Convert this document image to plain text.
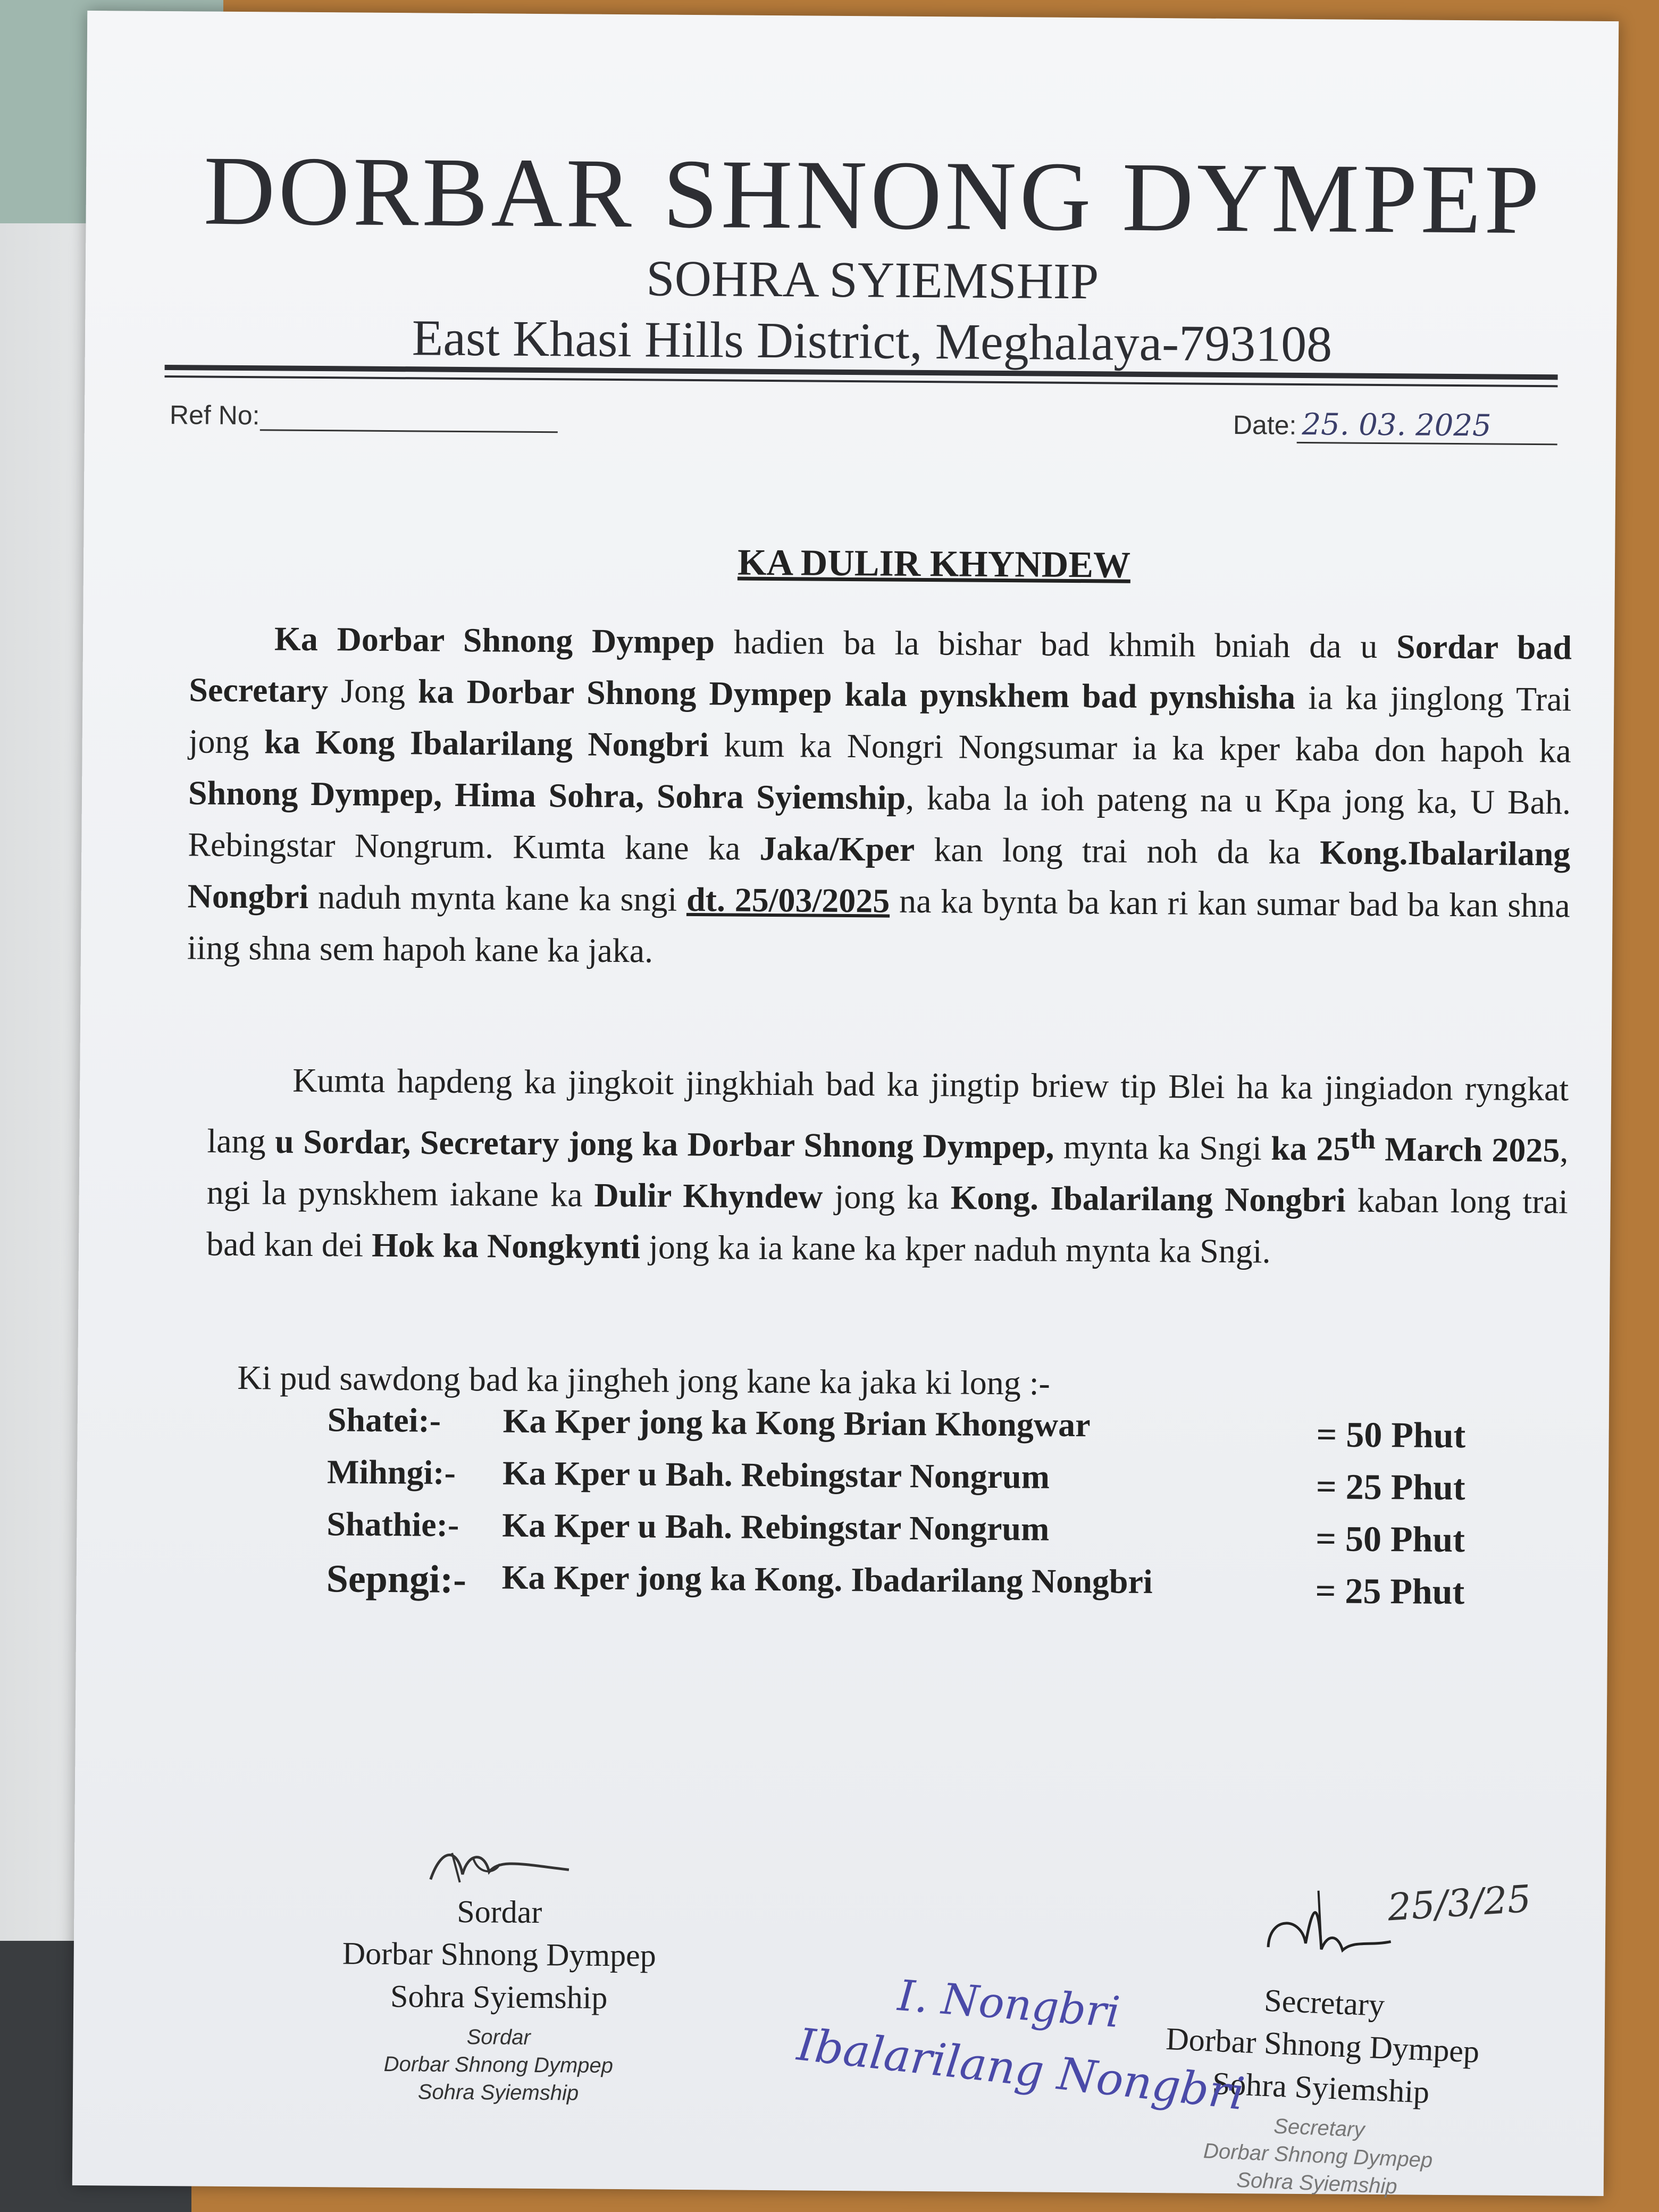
DORBAR SHNONG DYMPEP
SOHRA SYIEMSHIP
East Khasi Hills District, Meghalaya-793108
Ref No:	Date: 25. 03. 2025
KA DULIR KHYNDEW
Ka Dorbar Shnong Dympep hadien ba la bishar bad khmih bniah da u Sordar bad Secretary Jong ka Dorbar Shnong Dympep kala pynskhem bad pynshisha ia ka jinglong Trai jong ka Kong Ibalarilang Nongbri kum ka Nongri Nongsumar ia ka kper kaba don hapoh ka Shnong Dympep, Hima Sohra, Sohra Syiemship, kaba la ioh pateng na u Kpa jong ka, U Bah. Rebingstar Nongrum. Kumta kane ka Jaka/Kper kan long trai noh da ka Kong.Ibalarilang Nongbri naduh mynta kane ka sngi dt. 25/03/2025 na ka bynta ba kan ri kan sumar bad ba kan shna iing shna sem hapoh kane ka jaka.
Kumta hapdeng ka jingkoit jingkhiah bad ka jingtip briew tip Blei ha ka jingiadon ryngkat lang u Sordar, Secretary jong ka Dorbar Shnong Dympep, mynta ka Sngi ka 25th March 2025, ngi la pynskhem iakane ka Dulir Khyndew jong ka Kong. Ibalarilang Nongbri kaban long trai bad kan dei Hok ka Nongkynti jong ka ia kane ka kper naduh mynta ka Sngi.
Ki pud sawdong bad ka jingheh jong kane ka jaka ki long :-
Shatei:- Ka Kper jong ka Kong Brian Khongwar	= 50 Phut
Mihngi:- Ka Kper u Bah. Rebingstar Nongrum	= 25 Phut
Shathie:- Ka Kper u Bah. Rebingstar Nongrum	= 50 Phut
Sepngi:- Ka Kper jong ka Kong. Ibadarilang Nongbri	= 25 Phut
Sordar
Dorbar Shnong Dympep
Sohra Syiemship
Sordar
Dorbar Shnong Dympep
Sohra Syiemship
Secretary
Dorbar Shnong Dympep
Sohra Syiemship
Secretary
Dorbar Shnong Dympep
Sohra Syiemship
25/3/25
I. Nongbri
Ibalarilang Nongbri
